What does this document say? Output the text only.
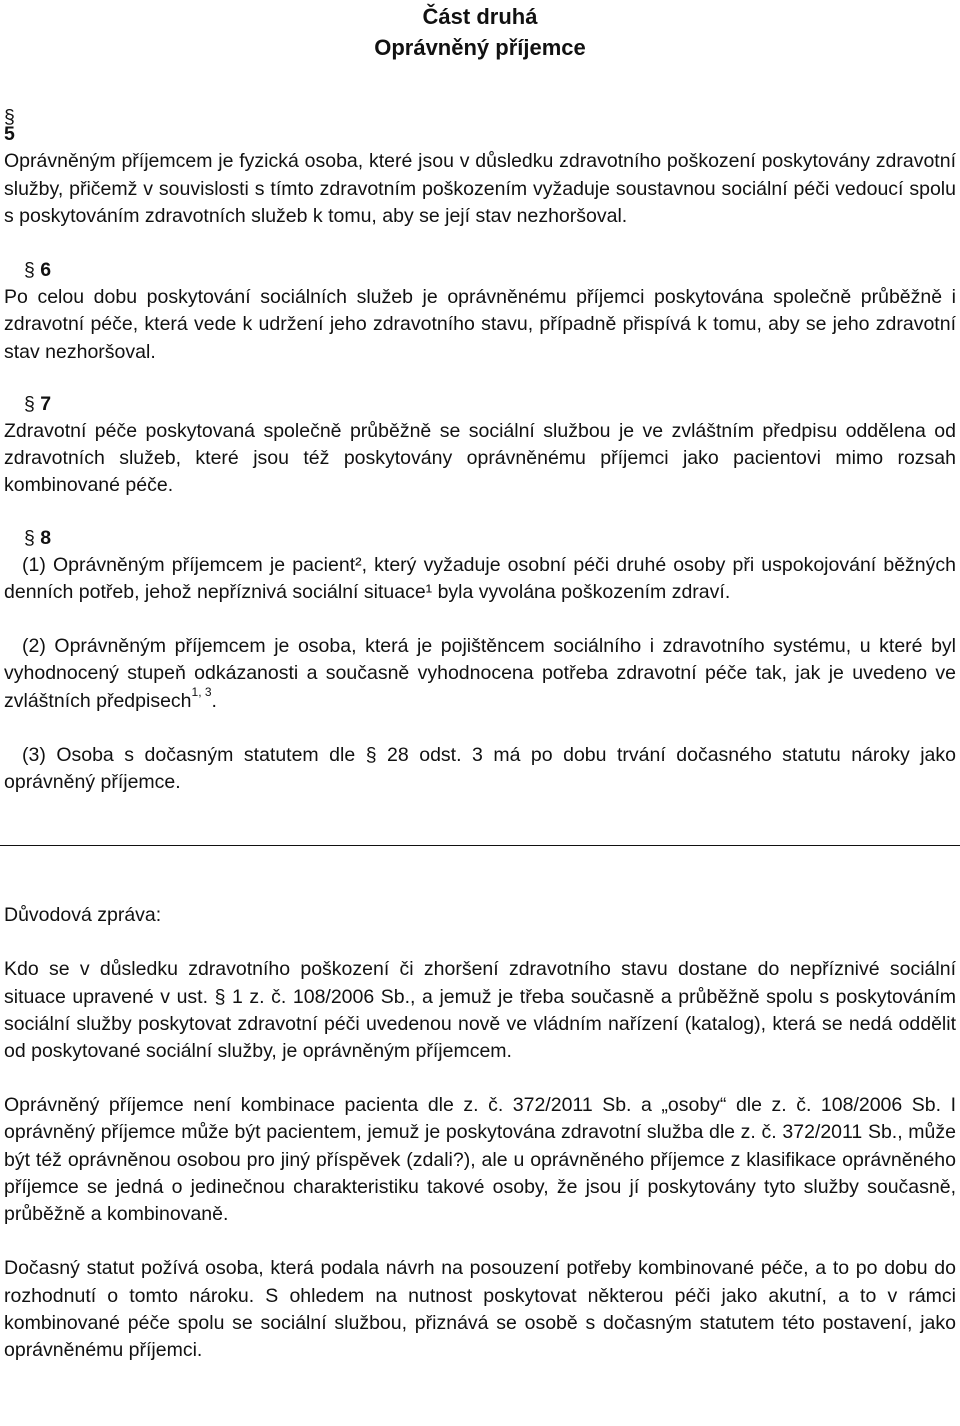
Část druhá
Oprávněný příjemce

§

5

Oprávněným příjemcem je fyzická osoba, které jsou v důsledku zdravotního poškození poskytovány zdravotní služby, přičemž v souvislosti s tímto zdravotním poškozením vyžaduje soustavnou sociální péči vedoucí spolu s poskytováním zdravotních služeb k tomu, aby se její stav nezhoršoval.

§ 6

Po celou dobu poskytování sociálních služeb je oprávněnému příjemci poskytována společně průběžně i zdravotní péče, která vede k udržení jeho zdravotního stavu, případně přispívá k tomu, aby se jeho zdravotní stav nezhoršoval.

§ 7

Zdravotní péče poskytovaná společně průběžně se sociální službou je ve zvláštním předpisu oddělena od zdravotních služeb, které jsou též poskytovány oprávněnému příjemci jako pacientovi mimo rozsah kombinované péče.

§ 8

(1) Oprávněným příjemcem je pacient², který vyžaduje osobní péči druhé osoby při uspokojování běžných denních potřeb, jehož nepříznivá sociální situace¹ byla vyvolána poškozením zdraví.

(2) Oprávněným příjemcem je osoba, která je pojištěncem sociálního i zdravotního systému, u které byl vyhodnocený stupeň odkázanosti a současně vyhodnocena potřeba zdravotní péče tak, jak je uvedeno ve zvláštních předpisech$^{1, 3}$.

(3) Osoba s dočasným statutem dle § 28 odst. 3 má po dobu trvání dočasného statutu nároky jako oprávněný příjemce.

Důvodová zpráva:

Kdo se v důsledku zdravotního poškození či zhoršení zdravotního stavu dostane do nepříznivé sociální situace upravené v ust. § 1 z. č. 108/2006 Sb., a jemuž je třeba současně a průběžně spolu s poskytováním sociální služby poskytovat zdravotní péči uvedenou nově ve vládním nařízení (katalog), která se nedá oddělit od poskytované sociální služby, je oprávněným příjemcem.

Oprávněný příjemce není kombinace pacienta dle z. č. 372/2011 Sb. a „osoby“ dle z. č. 108/2006 Sb. I oprávněný příjemce může být pacientem, jemuž je poskytována zdravotní služba dle z. č. 372/2011 Sb., může být též oprávněnou osobou pro jiný příspěvek (zdali?), ale u oprávněného příjemce z klasifikace oprávněného příjemce se jedná o jedinečnou charakteristiku takové osoby, že jsou jí poskytovány tyto služby současně, průběžně a kombinovaně.

Dočasný statut požívá osoba, která podala návrh na posouzení potřeby kombinované péče, a to po dobu do rozhodnutí o tomto nároku. S ohledem na nutnost poskytovat některou péči jako akutní, a to v rámci kombinované péče spolu se sociální službou, přiznává se osobě s dočasným statutem této postavení, jako oprávněnému příjemci.
